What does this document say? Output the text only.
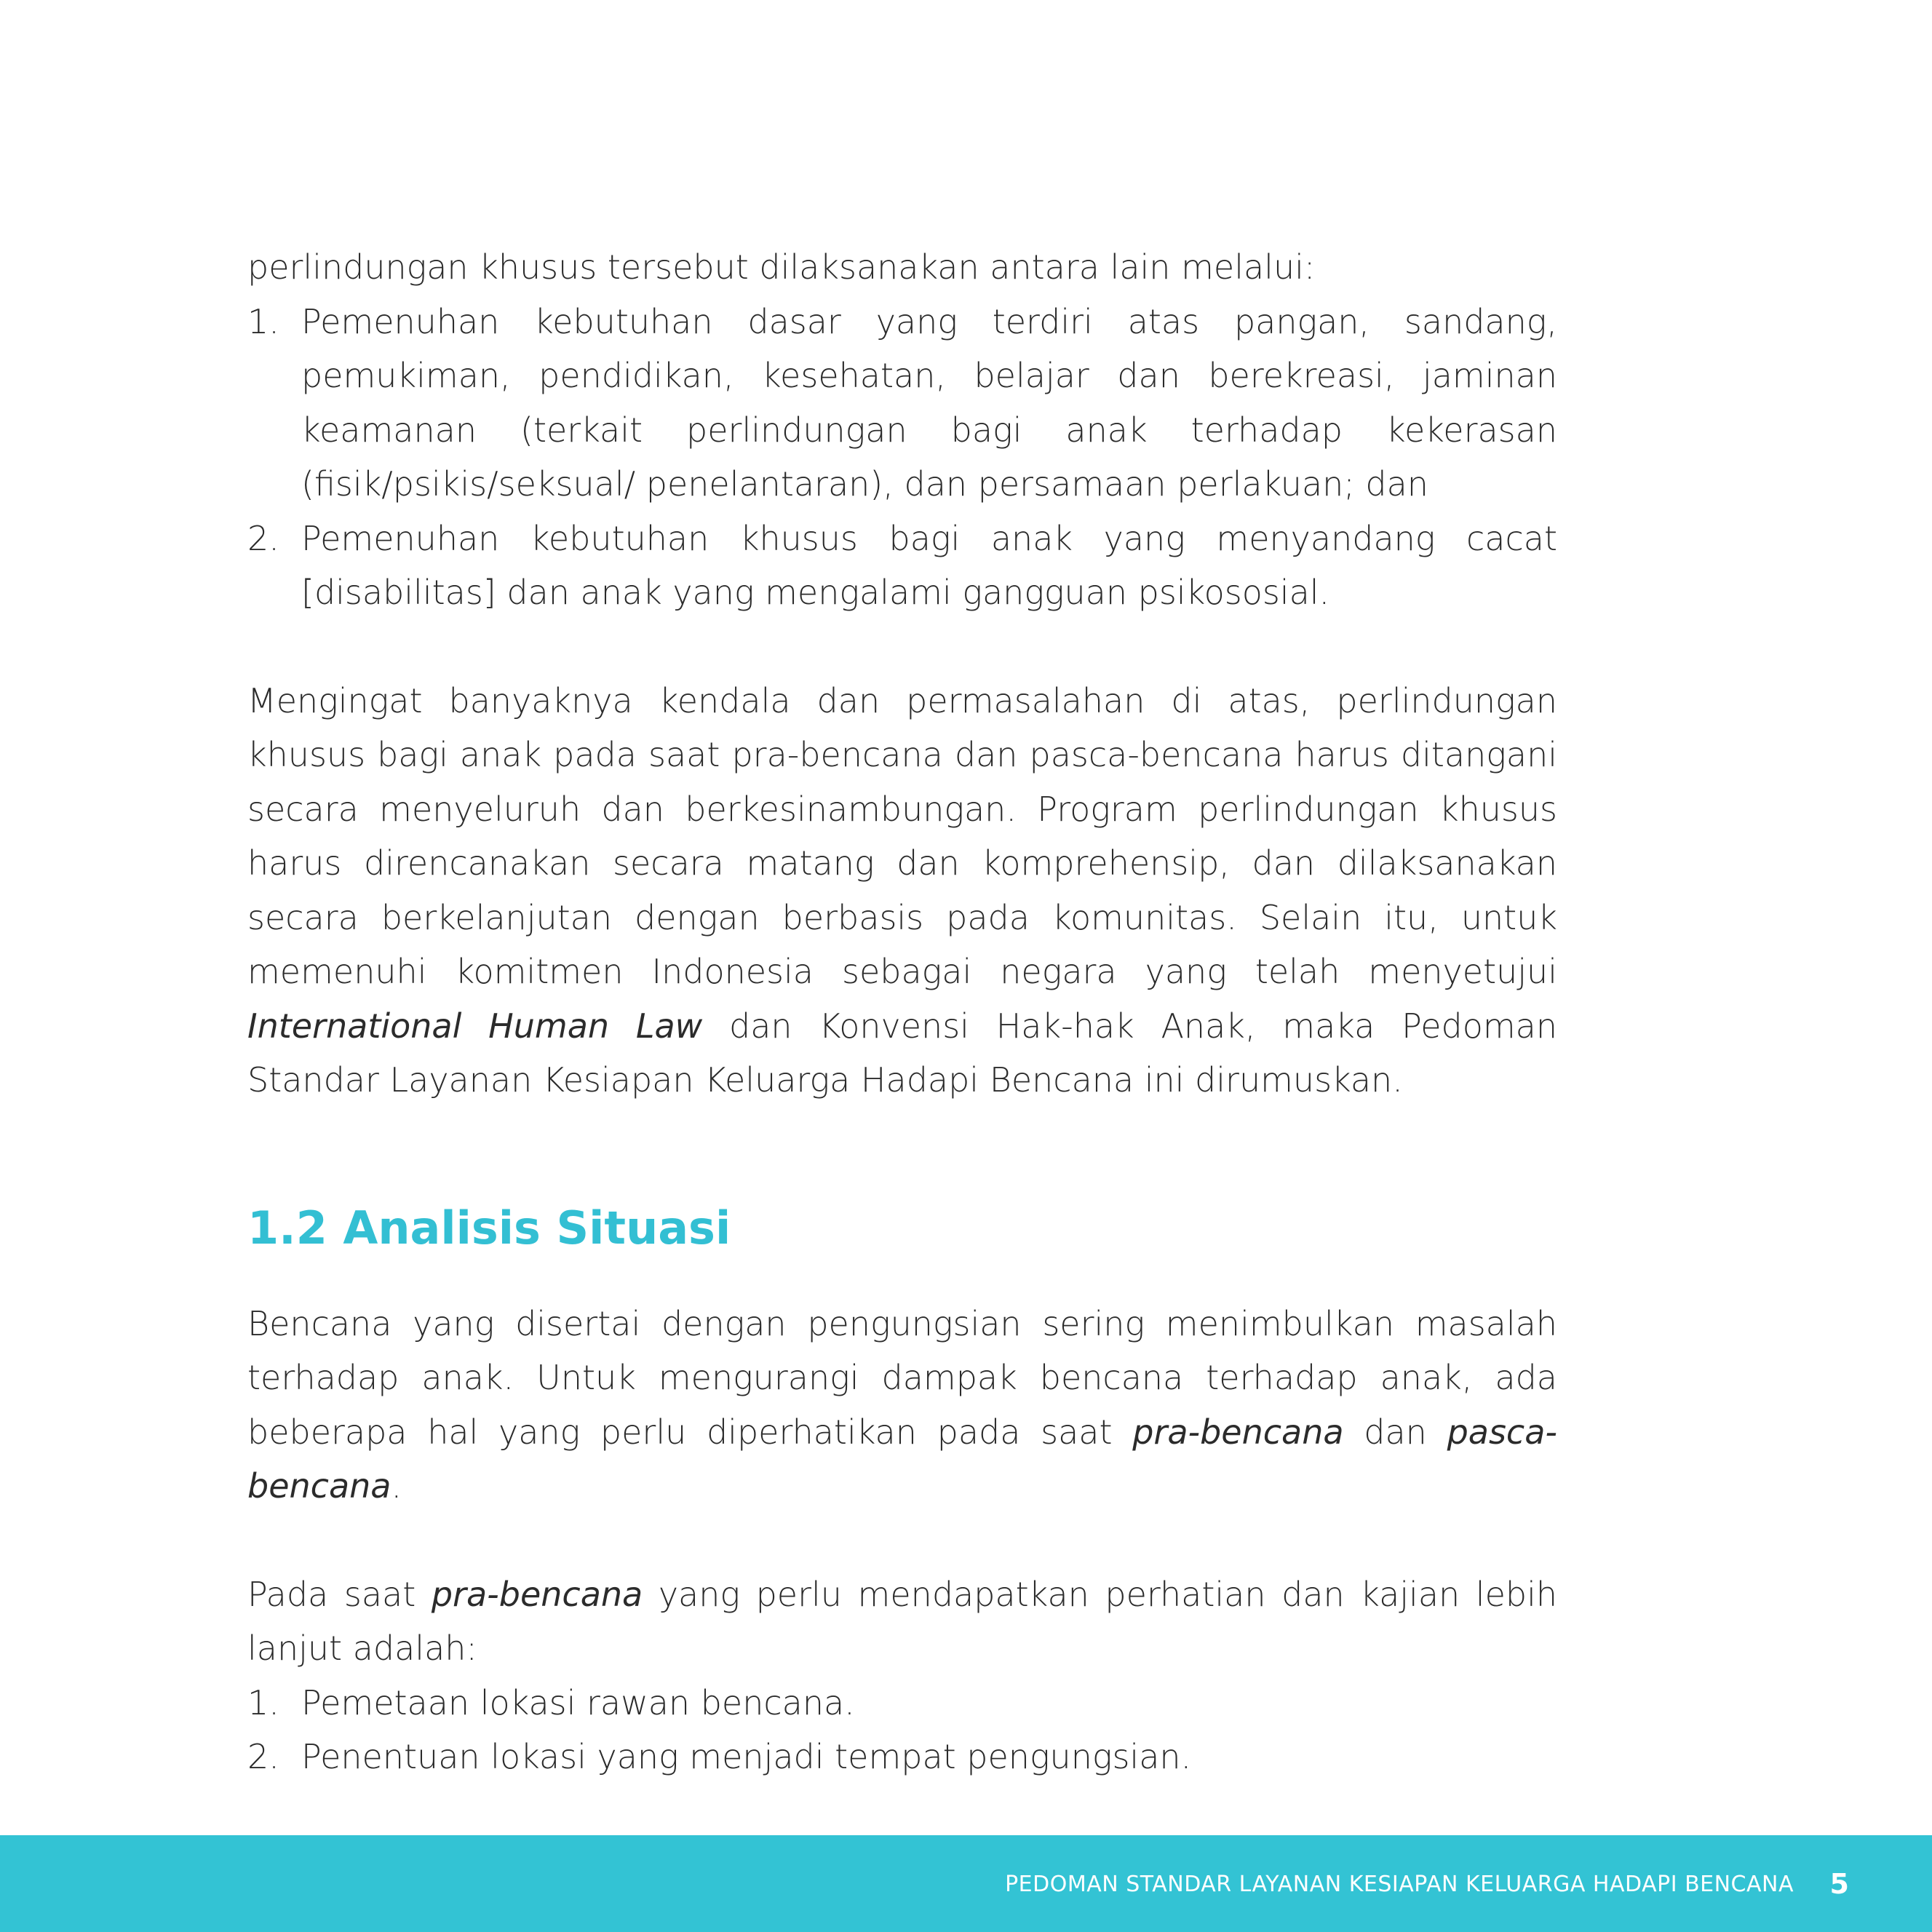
perlindungan khusus tersebut dilaksanakan antara lain melalui:

1. Pemenuhan kebutuhan dasar yang terdiri atas pangan, sandang, pemukiman, pendidikan, kesehatan, belajar dan berekreasi, jaminan keamanan (terkait perlindungan bagi anak terhadap kekerasan (fisik/psikis/seksual/ penelantaran), dan persamaan perlakuan; dan
2. Pemenuhan kebutuhan khusus bagi anak yang menyandang cacat [disabilitas] dan anak yang mengalami gangguan psikososial.

Mengingat banyaknya kendala dan permasalahan di atas, perlindungan khusus bagi anak pada saat pra-bencana dan pasca-bencana harus ditangani secara menyeluruh dan berkesinambungan. Program perlindungan khusus harus direncanakan secara matang dan komprehensip, dan dilaksanakan secara berkelanjutan dengan berbasis pada komunitas. Selain itu, untuk memenuhi komitmen Indonesia sebagai negara yang telah menyetujui International Human Law dan Konvensi Hak-hak Anak, maka Pedoman Standar Layanan Kesiapan Keluarga Hadapi Bencana ini dirumuskan.

1.2 Analisis Situasi

Bencana yang disertai dengan pengungsian sering menimbulkan masalah terhadap anak. Untuk mengurangi dampak bencana terhadap anak, ada beberapa hal yang perlu diperhatikan pada saat pra-bencana dan pasca-bencana.

Pada saat pra-bencana yang perlu mendapatkan perhatian dan kajian lebih lanjut adalah:

1. Pemetaan lokasi rawan bencana.
2. Penentuan lokasi yang menjadi tempat pengungsian.
PEDOMAN STANDAR LAYANAN KESIAPAN KELUARGA HADAPI BENCANA 5
